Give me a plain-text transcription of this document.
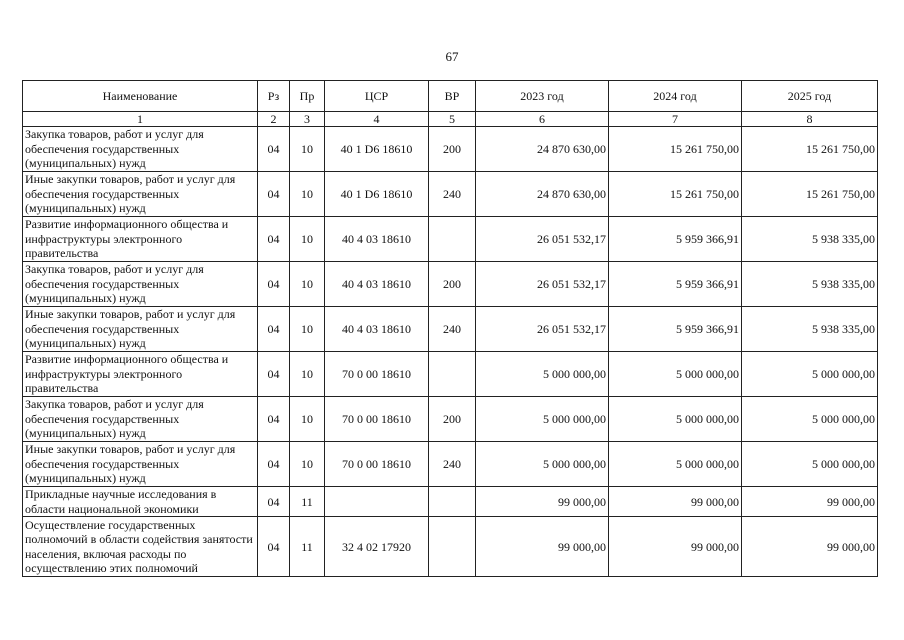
67
Наименование	Рз	Пр	ЦСР	ВР	2023 год	2024 год	2025 год
1	2	3	4	5	6	7	8
Закупка товаров, работ и услуг для обеспечения государственных (муниципальных) нужд	04	10	40 1 D6 18610	200	24 870 630,00	15 261 750,00	15 261 750,00
Иные закупки товаров, работ и услуг для обеспечения государственных (муниципальных) нужд	04	10	40 1 D6 18610	240	24 870 630,00	15 261 750,00	15 261 750,00
Развитие информационного общества и инфраструктуры электронного правительства	04	10	40 4 03 18610		26 051 532,17	5 959 366,91	5 938 335,00
Закупка товаров, работ и услуг для обеспечения государственных (муниципальных) нужд	04	10	40 4 03 18610	200	26 051 532,17	5 959 366,91	5 938 335,00
Иные закупки товаров, работ и услуг для обеспечения государственных (муниципальных) нужд	04	10	40 4 03 18610	240	26 051 532,17	5 959 366,91	5 938 335,00
Развитие информационного общества и инфраструктуры электронного правительства	04	10	70 0 00 18610		5 000 000,00	5 000 000,00	5 000 000,00
Закупка товаров, работ и услуг для обеспечения государственных (муниципальных) нужд	04	10	70 0 00 18610	200	5 000 000,00	5 000 000,00	5 000 000,00
Иные закупки товаров, работ и услуг для обеспечения государственных (муниципальных) нужд	04	10	70 0 00 18610	240	5 000 000,00	5 000 000,00	5 000 000,00
Прикладные научные исследования в области национальной экономики	04	11			99 000,00	99 000,00	99 000,00
Осуществление государственных полномочий в области содействия занятости населения, включая расходы по осуществлению этих полномочий	04	11	32 4 02 17920		99 000,00	99 000,00	99 000,00
